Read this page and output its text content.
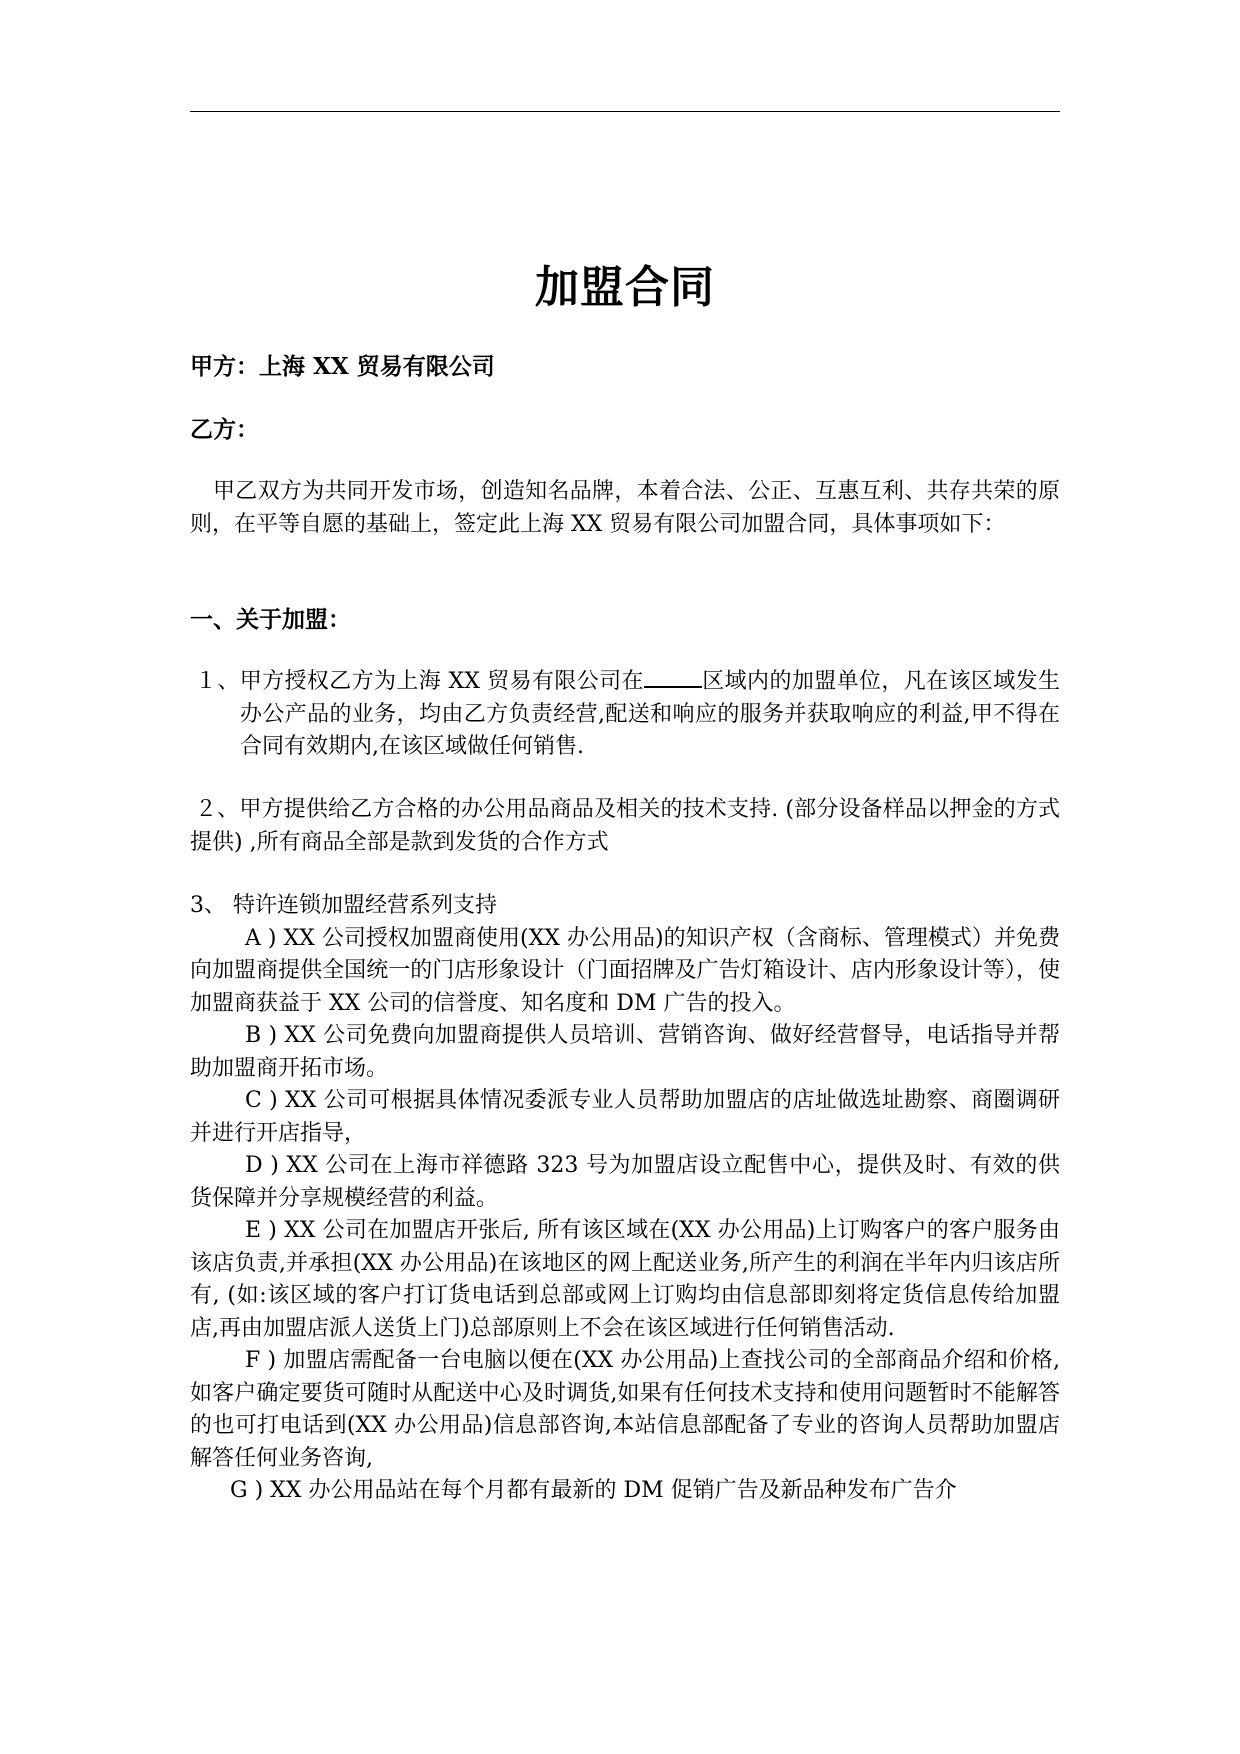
加盟合同
甲方：上海 XX 贸易有限公司
乙方：
甲乙双方为共同开发市场，创造知名品牌，本着合法、公正、互惠互利、共存共荣的原则，在平等自愿的基础上，签定此上海 XX 贸易有限公司加盟合同，具体事项如下：
一、关于加盟：
１、甲方授权乙方为上海 XX 贸易有限公司在	区域内的加盟单位，凡在该区域发生办公产品的业务，均由乙方负责经营,配送和响应的服务并获取响应的利益,甲不得在合同有效期内,在该区域做任何销售.
２、甲方提供给乙方合格的办公用品商品及相关的技术支持. (部分设备样品以押金的方式提供) ,所有商品全部是款到发货的合作方式
3、 特许连锁加盟经营系列支持
A ) XX 公司授权加盟商使用(XX 办公用品)的知识产权（含商标、管理模式）并免费向加盟商提供全国统一的门店形象设计（门面招牌及广告灯箱设计、店内形象设计等），使加盟商获益于 XX 公司的信誉度、知名度和 DM 广告的投入。
B ) XX 公司免费向加盟商提供人员培训、营销咨询、做好经营督导，电话指导并帮助加盟商开拓市场。
C ) XX 公司可根据具体情况委派专业人员帮助加盟店的店址做选址勘察、商圈调研并进行开店指导，
D ) XX 公司在上海市祥德路 323 号为加盟店设立配售中心，提供及时、有效的供货保障并分享规模经营的利益。
E ) XX 公司在加盟店开张后, 所有该区域在(XX 办公用品)上订购客户的客户服务由该店负责,并承担(XX 办公用品)在该地区的网上配送业务,所产生的利润在半年内归该店所有, (如:该区域的客户打订货电话到总部或网上订购均由信息部即刻将定货信息传给加盟店,再由加盟店派人送货上门)总部原则上不会在该区域进行任何销售活动.
F ) 加盟店需配备一台电脑以便在(XX 办公用品)上查找公司的全部商品介绍和价格,如客户确定要货可随时从配送中心及时调货,如果有任何技术支持和使用问题暂时不能解答的也可打电话到(XX 办公用品)信息部咨询,本站信息部配备了专业的咨询人员帮助加盟店解答任何业务咨询,
G ) XX 办公用品站在每个月都有最新的 DM 促销广告及新品种发布广告介
